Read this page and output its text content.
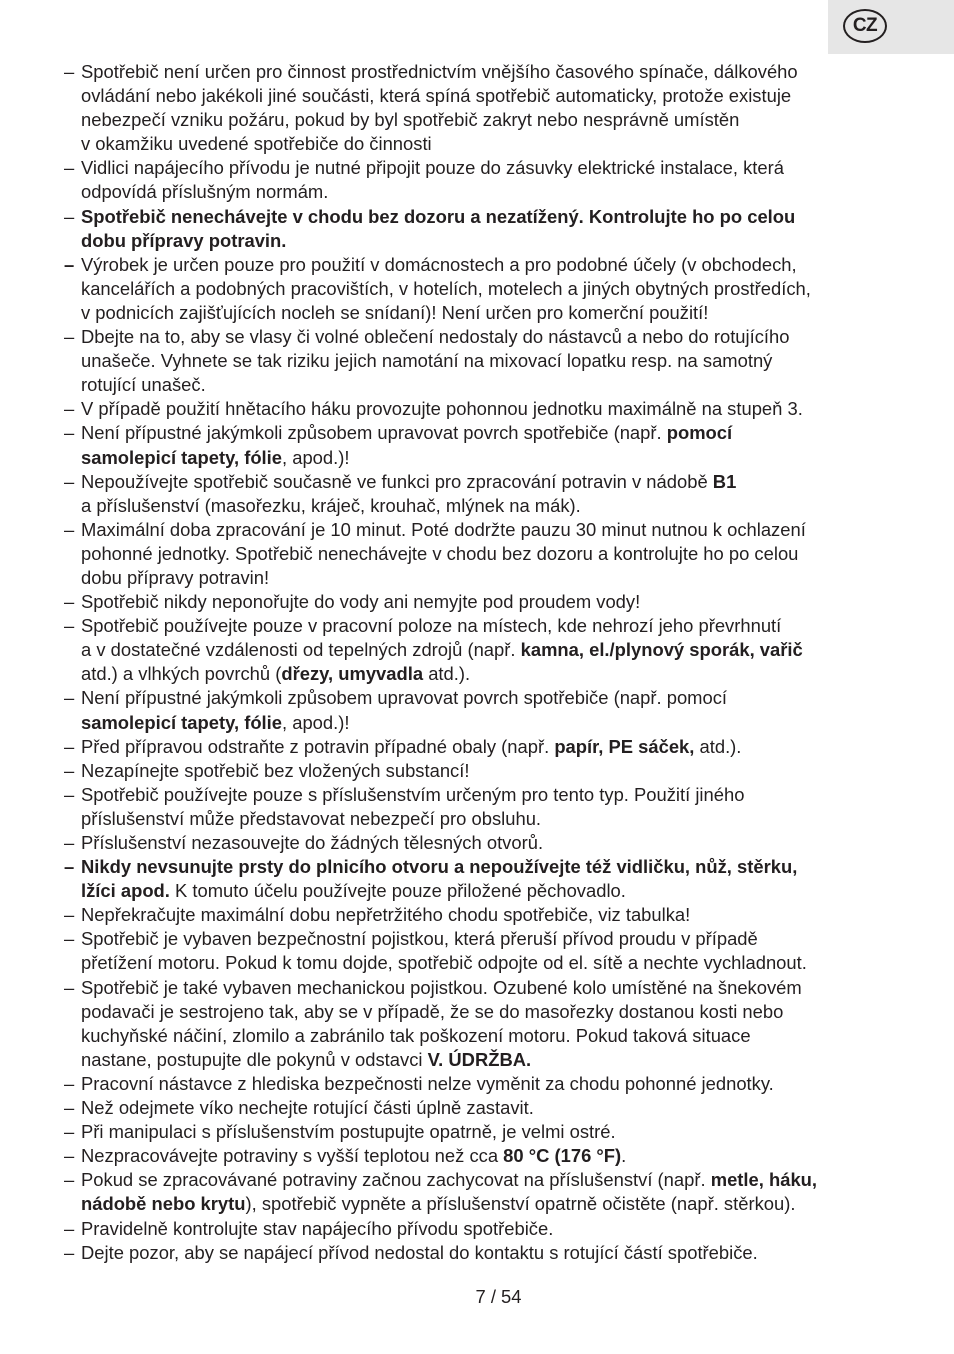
CZ
– Spotřebič není určen pro činnost prostřednictvím vnějšího časového spínače, dálkového
ovládání nebo jakékoli jiné součásti, která spíná spotřebič automaticky, protože existuje
nebezpečí vzniku požáru, pokud by byl spotřebič zakryt nebo nesprávně umístěn
v okamžiku uvedené spotřebiče do činnosti
– Vidlici napájecího přívodu je nutné připojit pouze do zásuvky elektrické instalace, která
odpovídá příslušným normám.
– Spotřebič nenechávejte v chodu bez dozoru a nezatížený. Kontrolujte ho po celou
dobu přípravy potravin.
– Výrobek je určen pouze pro použití v domácnostech a pro podobné účely (v obchodech,
kancelářích a podobných pracovištích, v hotelích, motelech a jiných obytných prostředích,
v podnicích zajišťujících nocleh se snídaní)! Není určen pro komerční použití!
– Dbejte na to, aby se vlasy či volné oblečení nedostaly do nástavců a nebo do rotujícího
unašeče. Vyhnete se tak riziku jejich namotání na mixovací lopatku resp. na samotný
rotující unašeč.
– V případě použití hnětacího háku provozujte pohonnou jednotku maximálně na stupeň 3.
– Není přípustné jakýmkoli způsobem upravovat povrch spotřebiče (např. pomocí
samolepicí tapety, fólie, apod.)!
– Nepoužívejte spotřebič současně ve funkci pro zpracování potravin v nádobě B1
a příslušenství (masořezku, kráječ, krouhač, mlýnek na mák).
– Maximální doba zpracování je 10 minut. Poté dodržte pauzu 30 minut nutnou k ochlazení
pohonné jednotky. Spotřebič nenechávejte v chodu bez dozoru a kontrolujte ho po celou
dobu přípravy potravin!
– Spotřebič nikdy neponořujte do vody ani nemyjte pod proudem vody!
– Spotřebič používejte pouze v pracovní poloze na místech, kde nehrozí jeho převrhnutí
a v dostatečné vzdálenosti od tepelných zdrojů (např. kamna, el./plynový sporák, vařič
atd.) a vlhkých povrchů (dřezy, umyvadla atd.).
– Není přípustné jakýmkoli způsobem upravovat povrch spotřebiče (např. pomocí
samolepicí tapety, fólie, apod.)!
– Před přípravou odstraňte z potravin případné obaly (např. papír, PE sáček, atd.).
– Nezapínejte spotřebič bez vložených substancí!
– Spotřebič používejte pouze s příslušenstvím určeným pro tento typ. Použití jiného
příslušenství může představovat nebezpečí pro obsluhu.
– Příslušenství nezasouvejte do žádných tělesných otvorů.
– Nikdy nevsunujte prsty do plnicího otvoru a nepoužívejte též vidličku, nůž, stěrku,
lžíci apod. K tomuto účelu používejte pouze přiložené pěchovadlo.
– Nepřekračujte maximální dobu nepřetržitého chodu spotřebiče, viz tabulka!
– Spotřebič je vybaven bezpečnostní pojistkou, která přeruší přívod proudu v případě
přetížení motoru. Pokud k tomu dojde, spotřebič odpojte od el. sítě a nechte vychladnout.
– Spotřebič je také vybaven mechanickou pojistkou. Ozubené kolo umístěné na šnekovém
podavači je sestrojeno tak, aby se v případě, že se do masořezky dostanou kosti nebo
kuchyňské náčiní, zlomilo a zabránilo tak poškození motoru. Pokud taková situace
nastane, postupujte dle pokynů v odstavci V. ÚDRŽBA.
– Pracovní nástavce z hlediska bezpečnosti nelze vyměnit za chodu pohonné jednotky.
– Než odejmete víko nechejte rotující části úplně zastavit.
– Při manipulaci s příslušenstvím postupujte opatrně, je velmi ostré.
– Nezpracovávejte potraviny s vyšší teplotou než cca 80 °C (176 °F).
– Pokud se zpracovávané potraviny začnou zachycovat na příslušenství (např. metle, háku,
nádobě nebo krytu), spotřebič vypněte a příslušenství opatrně očistěte (např. stěrkou).
– Pravidelně kontrolujte stav napájecího přívodu spotřebiče.
– Dejte pozor, aby se napájecí přívod nedostal do kontaktu s rotující částí spotřebiče.
7 / 54
